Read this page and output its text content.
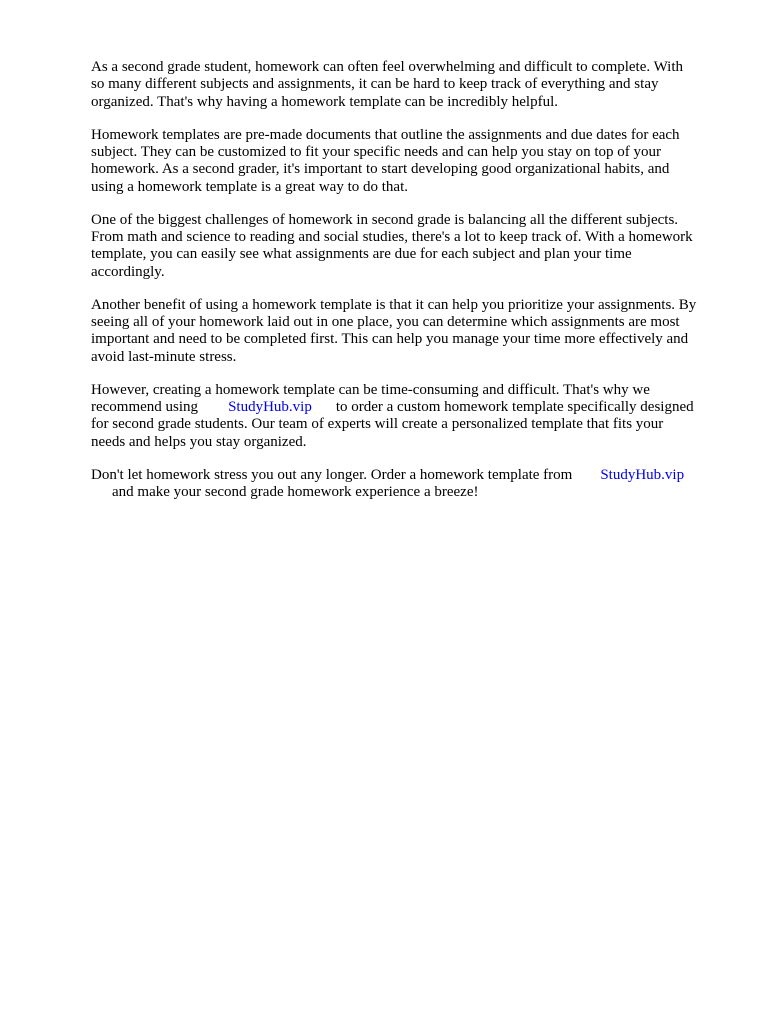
As a second grade student, homework can often feel overwhelming and difficult to complete. With
so many different subjects and assignments, it can be hard to keep track of everything and stay
organized. That's why having a homework template can be incredibly helpful.
Homework templates are pre-made documents that outline the assignments and due dates for each
subject. They can be customized to fit your specific needs and can help you stay on top of your
homework. As a second grader, it's important to start developing good organizational habits, and
using a homework template is a great way to do that.
One of the biggest challenges of homework in second grade is balancing all the different subjects.
From math and science to reading and social studies, there's a lot to keep track of. With a homework
template, you can easily see what assignments are due for each subject and plan your time
accordingly.
Another benefit of using a homework template is that it can help you prioritize your assignments. By
seeing all of your homework laid out in one place, you can determine which assignments are most
important and need to be completed first. This can help you manage your time more effectively and
avoid last-minute stress.
However, creating a homework template can be time-consuming and difficult. That's why we
recommend using StudyHub.vip to order a custom homework template specifically designed
for second grade students. Our team of experts will create a personalized template that fits your
needs and helps you stay organized.
Don't let homework stress you out any longer. Order a homework template from StudyHub.vip
and make your second grade homework experience a breeze!
